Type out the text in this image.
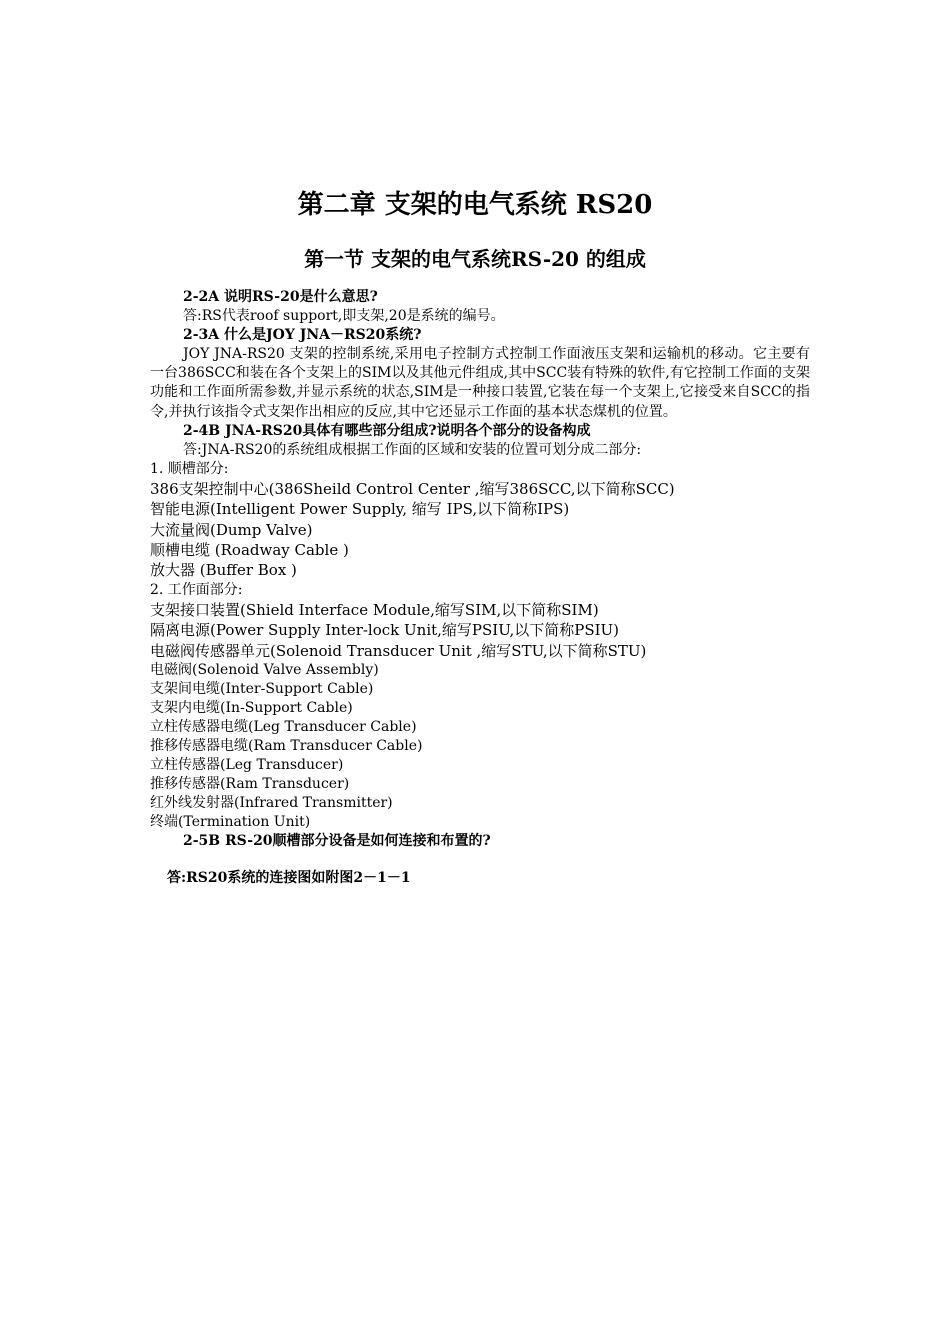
第二章 支架的电气系统 RS20
第一节 支架的电气系统RS-20 的组成
2-2A 说明RS-20是什么意思?
答:RS代表roof support,即支架,20是系统的编号。
2-3A 什么是JOY JNA－RS20系统?
JOY JNA-RS20 支架的控制系统,采用电子控制方式控制工作面液压支架和运输机的移动。它主要有一台386SCC和装在各个支架上的SIM以及其他元件组成,其中SCC装有特殊的软件,有它控制工作面的支架功能和工作面所需参数,并显示系统的状态,SIM是一种接口装置,它装在每一个支架上,它接受来自SCC的指令,并执行该指令式支架作出相应的反应,其中它还显示工作面的基本状态煤机的位置。
2-4B JNA-RS20具体有哪些部分组成?说明各个部分的设备构成
答:JNA-RS20的系统组成根据工作面的区域和安装的位置可划分成二部分:
1. 顺槽部分:
386支架控制中心(386Sheild Control Center ,缩写386SCC,以下简称SCC)
智能电源(Intelligent Power Supply, 缩写 IPS,以下简称IPS)
大流量阀(Dump Valve)
顺槽电缆 (Roadway Cable )
放大器 (Buffer Box )
2. 工作面部分:
支架接口装置(Shield Interface Module,缩写SIM,以下简称SIM)
隔离电源(Power Supply Inter-lock Unit,缩写PSIU,以下简称PSIU)
电磁阀传感器单元(Solenoid Transducer Unit ,缩写STU,以下简称STU)
电磁阀(Solenoid Valve Assembly)
支架间电缆(Inter-Support Cable)
支架内电缆(In-Support Cable)
立柱传感器电缆(Leg Transducer Cable)
推移传感器电缆(Ram Transducer Cable)
立柱传感器(Leg Transducer)
推移传感器(Ram Transducer)
红外线发射器(Infrared Transmitter)
终端(Termination Unit)
2-5B RS-20顺槽部分设备是如何连接和布置的?
答:RS20系统的连接图如附图2－1－1
